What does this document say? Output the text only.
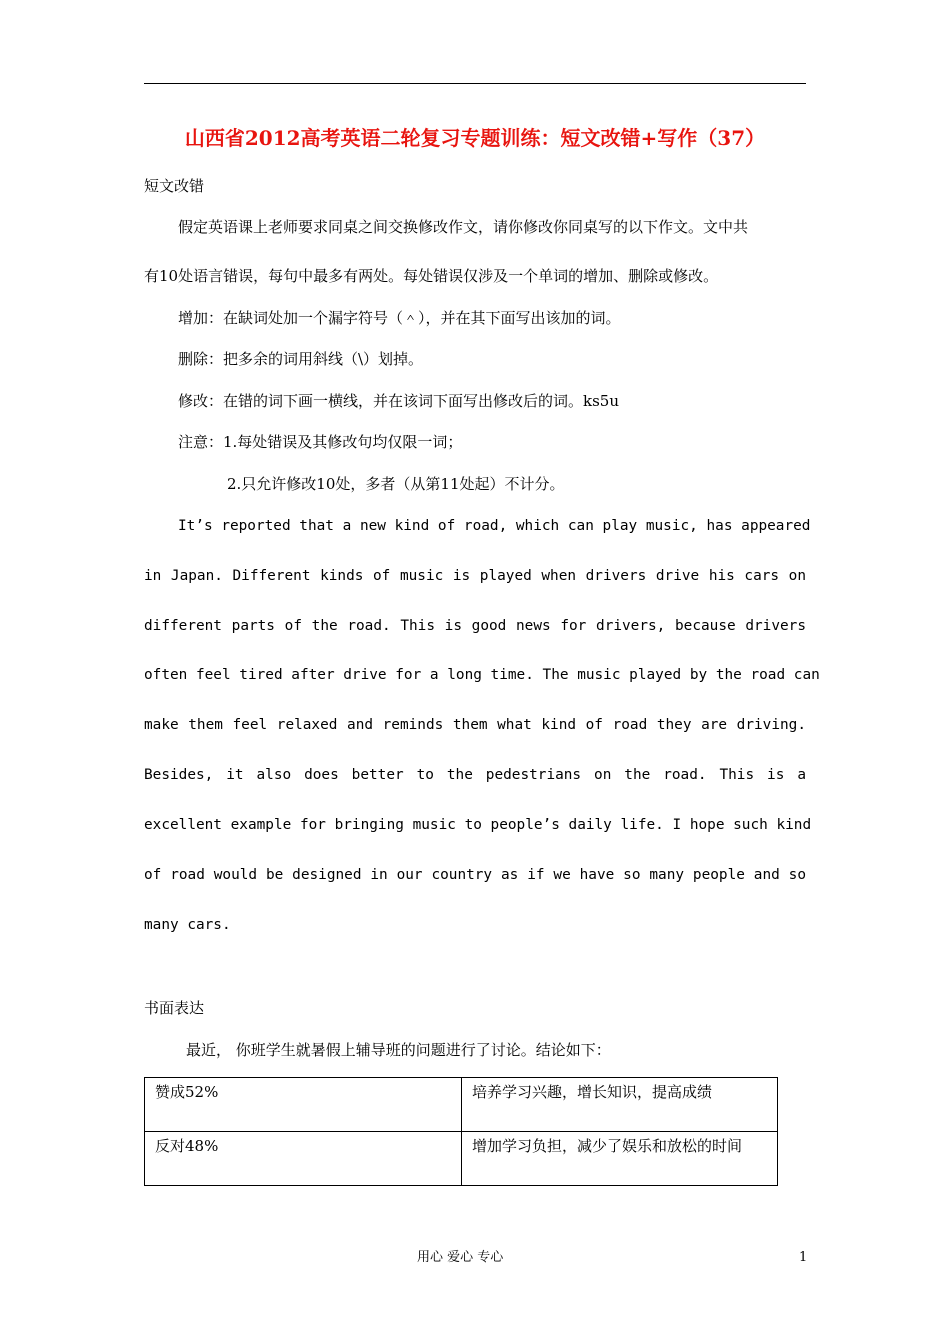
山西省2012高考英语二轮复习专题训练：短文改错+写作（37）
短文改错
假定英语课上老师要求同桌之间交换修改作文，请你修改你同桌写的以下作文。文中共
有10处语言错误，每句中最多有两处。每处错误仅涉及一个单词的增加、删除或修改。
增加：在缺词处加一个漏字符号（＾），并在其下面写出该加的词。
删除：把多余的词用斜线（\）划掉。
修改：在错的词下画一横线，并在该词下面写出修改后的词。ks5u
注意：1.每处错误及其修改句均仅限一词；
2.只允许修改10处，多者（从第11处起）不计分。
It’s reported that a new kind of road, which can play music, has appeared
in Japan. Different kinds of music is played when drivers drive his cars on
different parts of the road. This is good news for drivers, because drivers
often feel tired after drive for a long time. The music played by the road can
make them feel relaxed and reminds them what kind of road they are driving.
Besides, it also does better to the pedestrians on the road. This is a
excellent example for bringing music to people’s daily life. I hope such kind
of road would be designed in our country as if we have so many people and so
many cars.
书面表达
最近， 你班学生就暑假上辅导班的问题进行了讨论。结论如下：
赞成52%	培养学习兴趣，增长知识，提高成绩
反对48%	增加学习负担，减少了娱乐和放松的时间
用心 爱心 专心	1
